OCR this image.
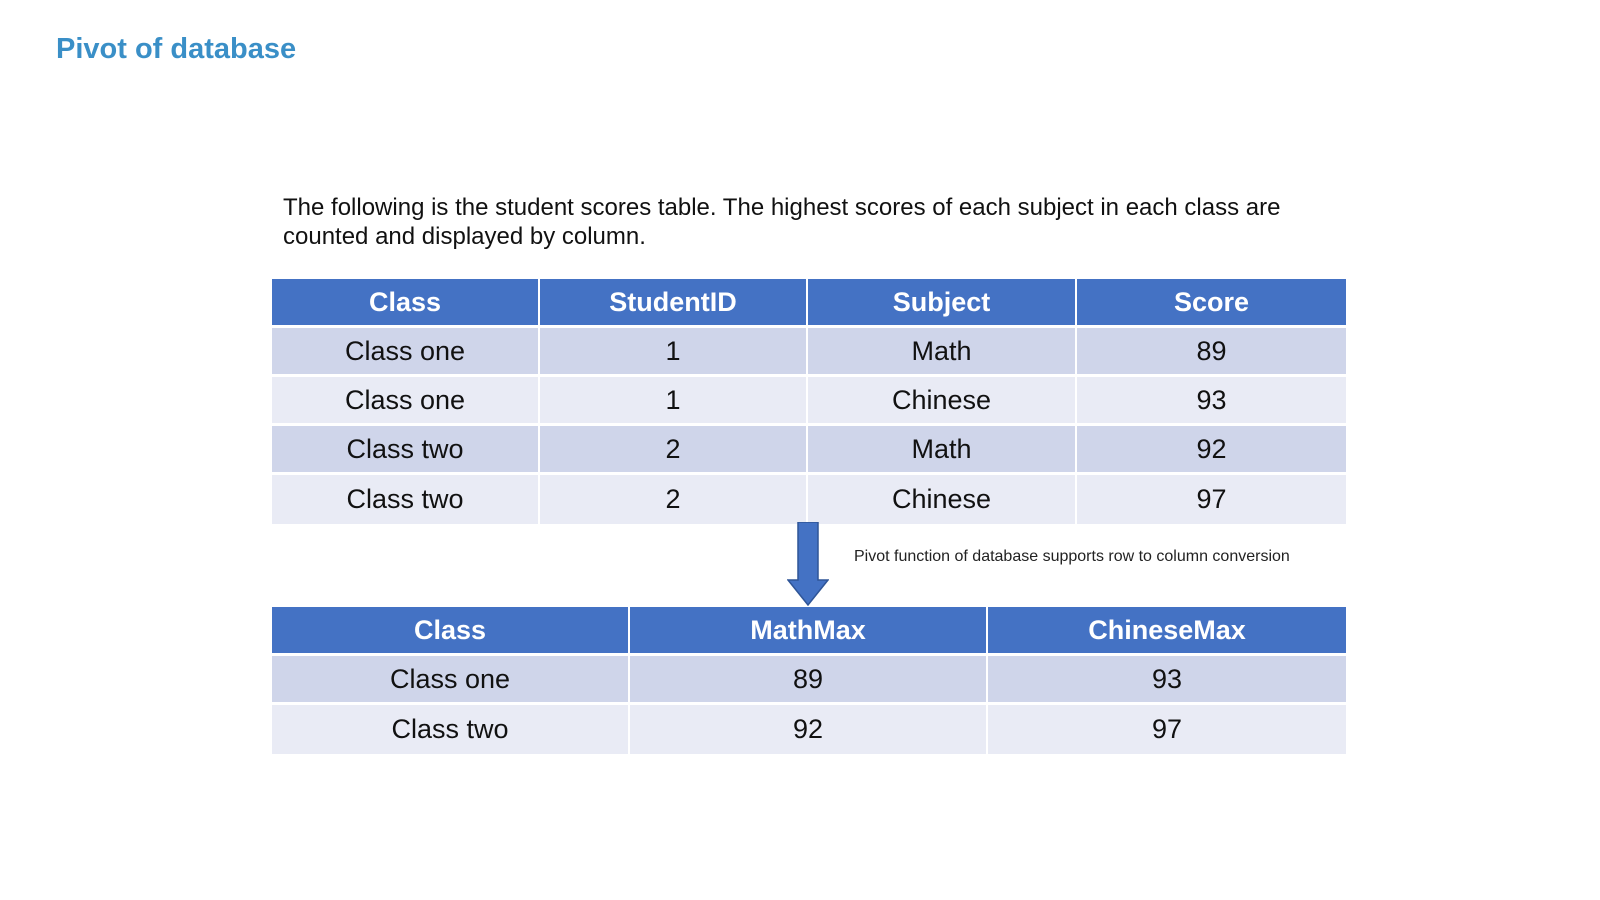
Pivot of database
The following is the student scores table. The highest scores of each subject in each class are counted and displayed by column.
Class	StudentID	Subject	Score
Class one	1	Math	89
Class one	1	Chinese	93
Class two	2	Math	92
Class two	2	Chinese	97
Pivot function of database supports row to column conversion
Class	MathMax	ChineseMax
Class one	89	93
Class two	92	97
